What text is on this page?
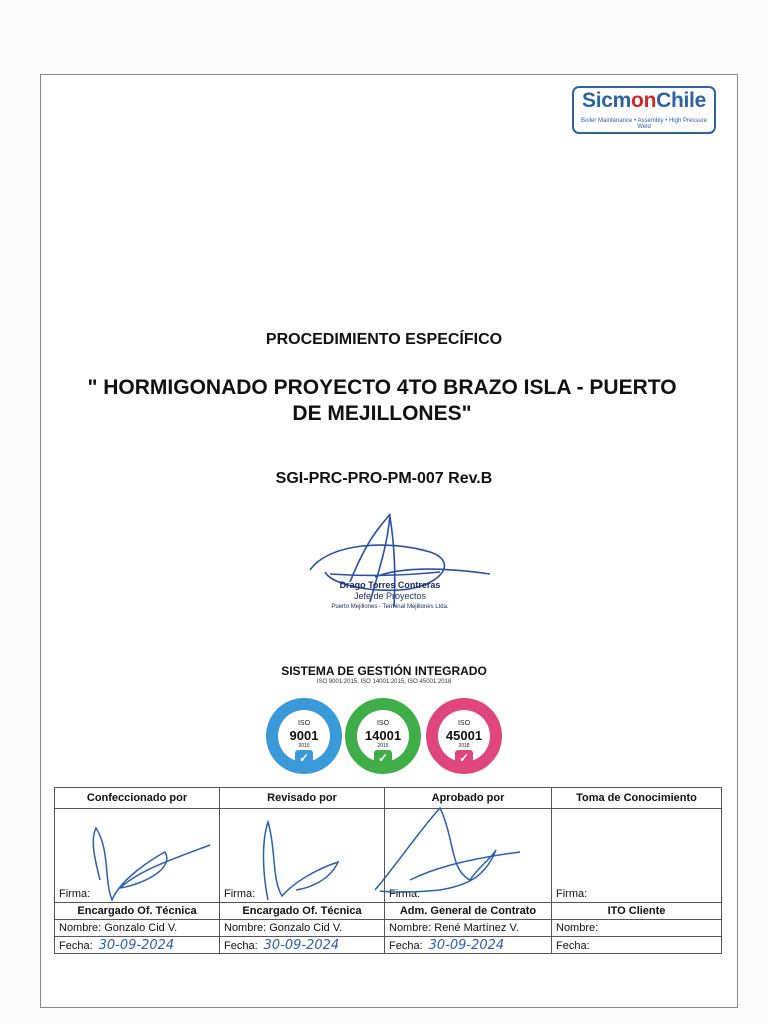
SicmonChile
Boiler Maintenance • Assembly • High Pressure Weld
PROCEDIMIENTO ESPECÍFICO
" HORMIGONADO PROYECTO 4TO BRAZO ISLA - PUERTO DE MEJILLONES"
SGI-PRC-PRO-PM-007 Rev.B
Drago Torres Contreras
Jefe de Proyectos
Puerto Mejillones - Terminal Mejillones Ltda.
SISTEMA DE GESTIÓN INTEGRADO
ISO 9001:2015, ISO 14001:2015, ISO 45001:2018
ISO
9001
2015
✓
ISO
14001
2015
✓
ISO
45001
2018
✓
Confeccionado por	Revisado por	Aprobado por	Toma de Conocimiento
Firma:	Firma:	Firma:	Firma:
Encargado Of. Técnica	Encargado Of. Técnica	Adm. General de Contrato	ITO Cliente
Nombre: Gonzalo Cid V.	Nombre: Gonzalo Cid V.	Nombre: René Martínez V.	Nombre:
Fecha: 30-09-2024	Fecha: 30-09-2024	Fecha: 30-09-2024	Fecha:
